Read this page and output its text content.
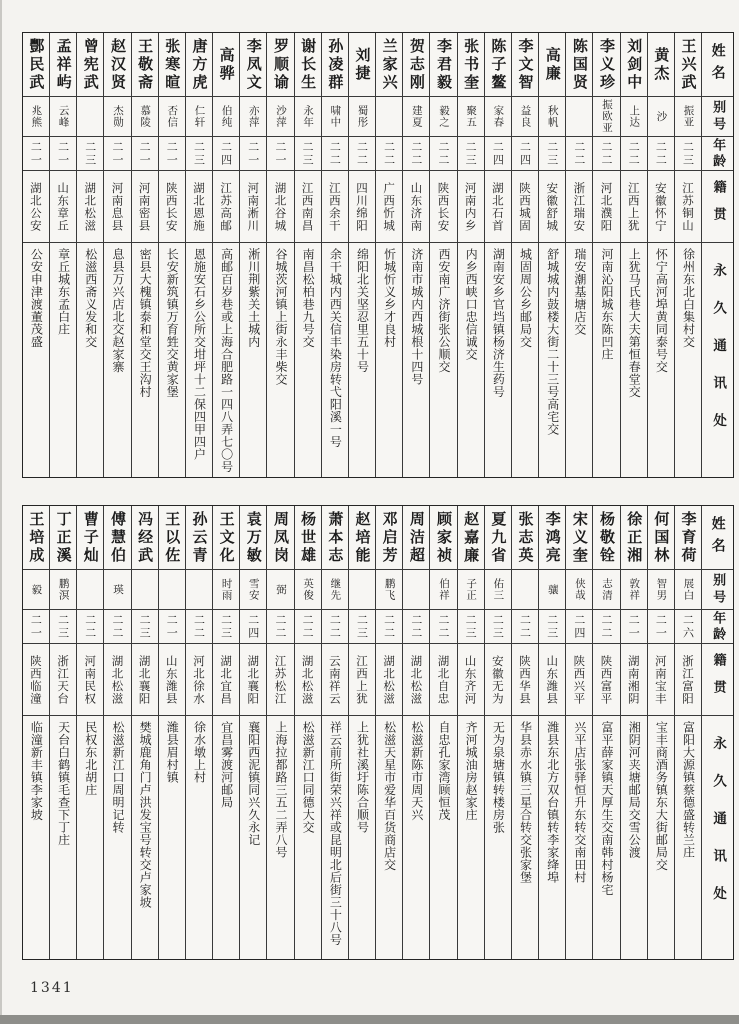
姓名
别号
年龄
籍贯
永久通讯处
王兴武
振亚
二三
江苏铜山
徐州东北白集村交
黄杰
沙
二二
安徽怀宁
怀宁高河埠黄同泰号交
刘剑中
上达
二二
江西上犹
上犹马氏巷大夫第恒春堂交
李义珍
振欧亚
二二
河北濮阳
河南沁阳城东陈凹庄
陈国贤
二二
浙江瑞安
瑞安潮基塘店交
高廉
秋帆
二三
安徽舒城
舒城城内鼓楼大街二十三号高宅交
李文智
益良
二四
陕西城固
城固周公乡邮局交
陈子鳌
家春
二四
湖北石首
湖南安乡官垱镇杨济生药号
张书奎
聚五
二三
河南内乡
内乡西峡口忠信诚交
李君毅
毅之
二二
陕西长安
西安南广济街张公顺交
贺志刚
建夏
二二
山东济南
济南市城内西城根十四号
兰家兴
二二
广西忻城
忻城忻义乡才良村
刘捷
蜀彤
二二
四川绵阳
绵阳北关坚忍里五十号
孙凌群
啸中
二二
江西余干
余干城内西关信丰染房转弋阳溪一号
谢长生
永年
二三
江西南昌
南昌松柏巷九号交
罗顺谕
沙萍
二一
湖北谷城
谷城茨河镇上街永丰柴交
李凤文
亦萍
二一
河南淅川
淅川荆紫关土城内
高骅
伯纯
二四
江苏高邮
高邮百岁巷或上海合肥路一四八弄七〇号
唐方虎
仁轩
二三
湖北恩施
恩施安石乡公所交坩坪十二保四甲四户
张寒暄
否信
二一
陕西长安
长安新筑镇万育甡交黄家堡
王敬斋
慕陵
二一
河南密县
密县大槐镇泰和堂交王沟村
赵汉贤
杰勋
二一
河南息县
息县万兴店北交赵家寨
曾宪武
二三
湖北松滋
松滋西斋义发和交
孟祥屿
云峰
二一
山东章丘
章丘城东孟白庄
酆民武
兆熊
二一
湖北公安
公安申津渡董茂盛
姓名
别号
年龄
籍贯
永久通讯处
李育荷
展白
二六
浙江富阳
富阳大源镇蔡德盛转兰庄
何国林
智男
二一
河南宝丰
宝丰商酒务镇东大街邮局交
徐正湘
敦祥
二一
湖南湘阴
湘阴河夹塘邮局交雪公渡
杨敬铨
志清
二二
陕西富平
富平薛家镇天厚生交南韩村杨宅
宋义奎
侠哉
二四
陕西兴平
兴平店张驿恒升东转交南田村
李鸿亮
骧
二三
山东潍县
潍县东北方双台镇转李家绛埠
张志英
二二
陕西华县
华县赤水镇三星合转交张家堡
夏九省
佑三
二三
安徽无为
无为泉塘镇转楼房张
赵嘉廉
子正
二三
山东齐河
齐河城油房赵家庄
顾家祯
伯祥
二二
湖北自忠
自忠孔家湾顾恒茂
周洁超
二二
湖北松滋
松滋新陈市周天兴
邓启芳
鹏飞
二二
湖北松滋
松滋天星市爱华百货商店交
赵培能
二三
江西上犹
上犹社溪圩陈合顺号
萧本志
继先
二二
云南祥云
祥云前所街荣兴祥或昆明北后街三十八号
杨世雄
英俊
二二
湖北松滋
松滋新江口同德大交
周凤岗
弼
二二
江苏松江
上海拉都路三五二弄八号
袁万敏
雪安
二四
湖北襄阳
襄阳西泥镇同兴久永记
王文化
时雨
二三
湖北宜昌
宜昌雾渡河邮局
孙云青
二二
河北徐水
徐水墩上村
王以佐
二一
山东潍县
潍县眉村镇
冯经武
二三
湖北襄阳
樊城鹿角门卢洪发宝号转交卢家坡
傅慧伯
瑛
二二
湖北松滋
松滋新江口周明记转
曹子灿
二二
河南民权
民权东北胡庄
丁正溪
鹏溟
二三
浙江天台
天台白鹤镇毛查下丁庄
王培成
毅
二一
陕西临潼
临潼新丰镇李家坡
1341
